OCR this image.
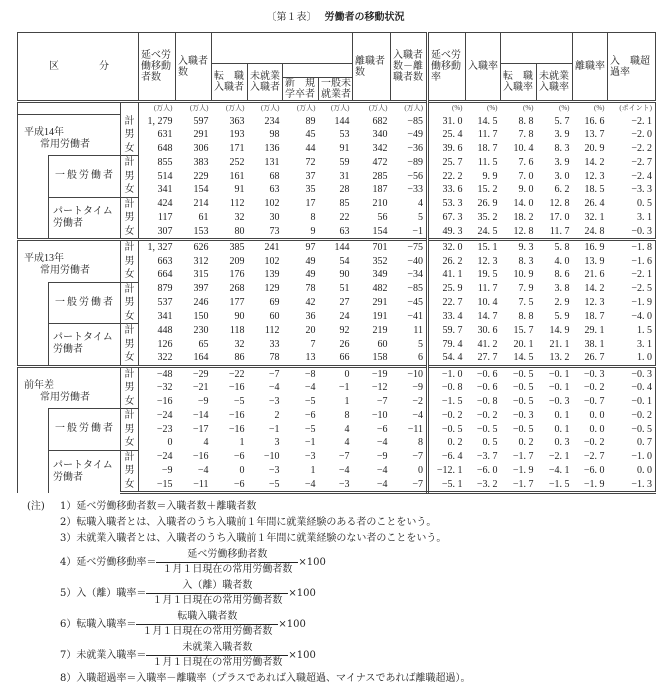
〔第１表〕 労働者の移動状況
区　　　　分			延べ労働移動者数	入職者数					離職者数	入職者数－離職者数	延べ労働移動率	入職率			離職率	入　職超過率
					転　職入職者	未就業入職者							転　職入職率	未就業入職率		
							新　規学卒者	一般未就業者								
			(万人)	(万人)	(万人)	(万人)	(万人)	(万人)	(万人)	(万人)	(%)	(%)	(%)	(%)	(%)	(ポイント)

平成14年
常用労働者		計	1, 279	597	363	234	89	144	682	−85	31. 0	14. 5	8. 8	5. 7	16. 6	−2. 1
		男	631	291	193	98	45	53	340	−49	25. 4	11. 7	7. 8	3. 9	13. 7	−2. 0
		女	648	306	171	136	44	91	342	−36	39. 6	18. 7	10. 4	8. 3	20. 9	−2. 2
	一般労働者	計	855	383	252	131	72	59	472	−89	25. 7	11. 5	7. 6	3. 9	14. 2	−2. 7
		男	514	229	161	68	37	31	285	−56	22. 2	9. 9	7. 0	3. 0	12. 3	−2. 4
		女	341	154	91	63	35	28	187	−33	33. 6	15. 2	9. 0	6. 2	18. 5	−3. 3

	パートタイム
労働者	計	424	214	112	102	17	85	210	4	53. 3	26. 9	14. 0	12. 8	26. 4	0. 5
		男	117	61	32	30	8	22	56	5	67. 3	35. 2	18. 2	17. 0	32. 1	3. 1
		女	307	153	80	73	9	63	154	−1	49. 3	24. 5	12. 8	11. 7	24. 8	−0. 3

平成13年
常用労働者		計	1, 327	626	385	241	97	144	701	−75	32. 0	15. 1	9. 3	5. 8	16. 9	−1. 8
		男	663	312	209	102	49	54	352	−40	26. 2	12. 3	8. 3	4. 0	13. 9	−1. 6
		女	664	315	176	139	49	90	349	−34	41. 1	19. 5	10. 9	8. 6	21. 6	−2. 1
	一般労働者	計	879	397	268	129	78	51	482	−85	25. 9	11. 7	7. 9	3. 8	14. 2	−2. 5
		男	537	246	177	69	42	27	291	−45	22. 7	10. 4	7. 5	2. 9	12. 3	−1. 9
		女	341	150	90	60	36	24	191	−41	33. 4	14. 7	8. 8	5. 9	18. 7	−4. 0

	パートタイム
労働者	計	448	230	118	112	20	92	219	11	59. 7	30. 6	15. 7	14. 9	29. 1	1. 5
		男	126	65	32	33	7	26	60	5	79. 4	41. 2	20. 1	21. 1	38. 1	3. 1
		女	322	164	86	78	13	66	158	6	54. 4	27. 7	14. 5	13. 2	26. 7	1. 0

前年差
常用労働者		計	−48	−29	−22	−7	−8	0	−19	−10	−1. 0	−0. 6	−0. 5	−0. 1	−0. 3	−0. 3
		男	−32	−21	−16	−4	−4	−1	−12	−9	−0. 8	−0. 6	−0. 5	−0. 1	−0. 2	−0. 4
		女	−16	−9	−5	−3	−5	1	−7	−2	−1. 5	−0. 8	−0. 5	−0. 3	−0. 7	−0. 1
	一般労働者	計	−24	−14	−16	2	−6	8	−10	−4	−0. 2	−0. 2	−0. 3	0. 1	0. 0	−0. 2
		男	−23	−17	−16	−1	−5	4	−6	−11	−0. 5	−0. 5	−0. 5	0. 1	0. 0	−0. 5
		女	0	4	1	3	−1	4	−4	8	0. 2	0. 5	0. 2	0. 3	−0. 2	0. 7

	パートタイム
労働者	計	−24	−16	−6	−10	−3	−7	−9	−7	−6. 4	−3. 7	−1. 7	−2. 1	−2. 7	−1. 0
		男	−9	−4	0	−3	1	−4	−4	0	−12. 1	−6. 0	−1. 9	−4. 1	−6. 0	0. 0
		女	−15	−11	−6	−5	−4	−3	−4	−7	−5. 1	−3. 2	−1. 7	−1. 5	−1. 9	−1. 3
(注) 1）延べ労働移動者数＝入職者数＋離職者数
2）転職入職者とは、入職者のうち入職前１年間に就業経験のある者のことをいう。
3）未就業入職者とは、入職者のうち入職前１年間に就業経験のない者のことをいう。
4）延べ労働移動率＝ $\frac{\text{延べ労働移動者数}}{\text{１月１日現在の常用労働者数}} \times 100$
5）入（離）職率＝ $\frac{\text{入（離）職者数}}{\text{１月１日現在の常用労働者数}} \times 100$
6）転職入職率＝ $\frac{\text{転職入職者数}}{\text{１月１日現在の常用労働者数}} \times 100$
7）未就業入職率＝ $\frac{\text{未就業入職者数}}{\text{１月１日現在の常用労働者数}} \times 100$
8）入職超過率＝入職率－離職率（プラスであれば入職超過、マイナスであれば離職超過）。
